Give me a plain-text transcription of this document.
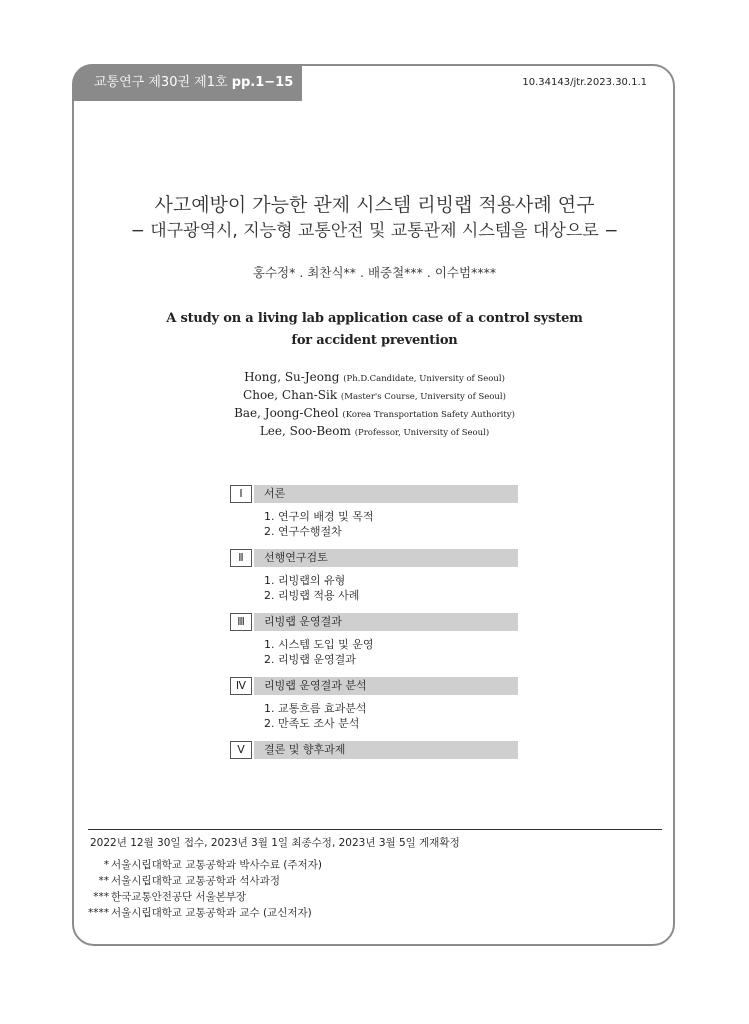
교통연구 제30권 제1호 pp.1−15	10.34143/jtr.2023.30.1.1
사고예방이 가능한 관제 시스템 리빙랩 적용사례 연구
− 대구광역시, 지능형 교통안전 및 교통관제 시스템을 대상으로 −
홍수정* . 최찬식** . 배중철*** . 이수범****
A study on a living lab application case of a control system
for accident prevention
Hong, Su-Jeong (Ph.D.Candidate, University of Seoul)
Choe, Chan-Sik (Master's Course, University of Seoul)
Bae, Joong-Cheol (Korea Transportation Safety Authority)
Lee, Soo-Beom (Professor, University of Seoul)
Ⅰ	서론
1. 연구의 배경 및 목적
2. 연구수행절차
Ⅱ	선행연구검토
1. 리빙랩의 유형
2. 리빙랩 적용 사례
Ⅲ	리빙랩 운영결과
1. 시스템 도입 및 운영
2. 리빙랩 운영결과
Ⅳ	리빙랩 운영결과 분석
1. 교통흐름 효과분석
2. 만족도 조사 분석
Ⅴ	결론 및 향후과제
2022년 12월 30일 접수, 2023년 3월 1일 최종수정, 2023년 3월 5일 게재확정
* 서울시립대학교 교통공학과 박사수료 (주저자)
** 서울시립대학교 교통공학과 석사과정
*** 한국교통안전공단 서울본부장
**** 서울시립대학교 교통공학과 교수 (교신저자)
